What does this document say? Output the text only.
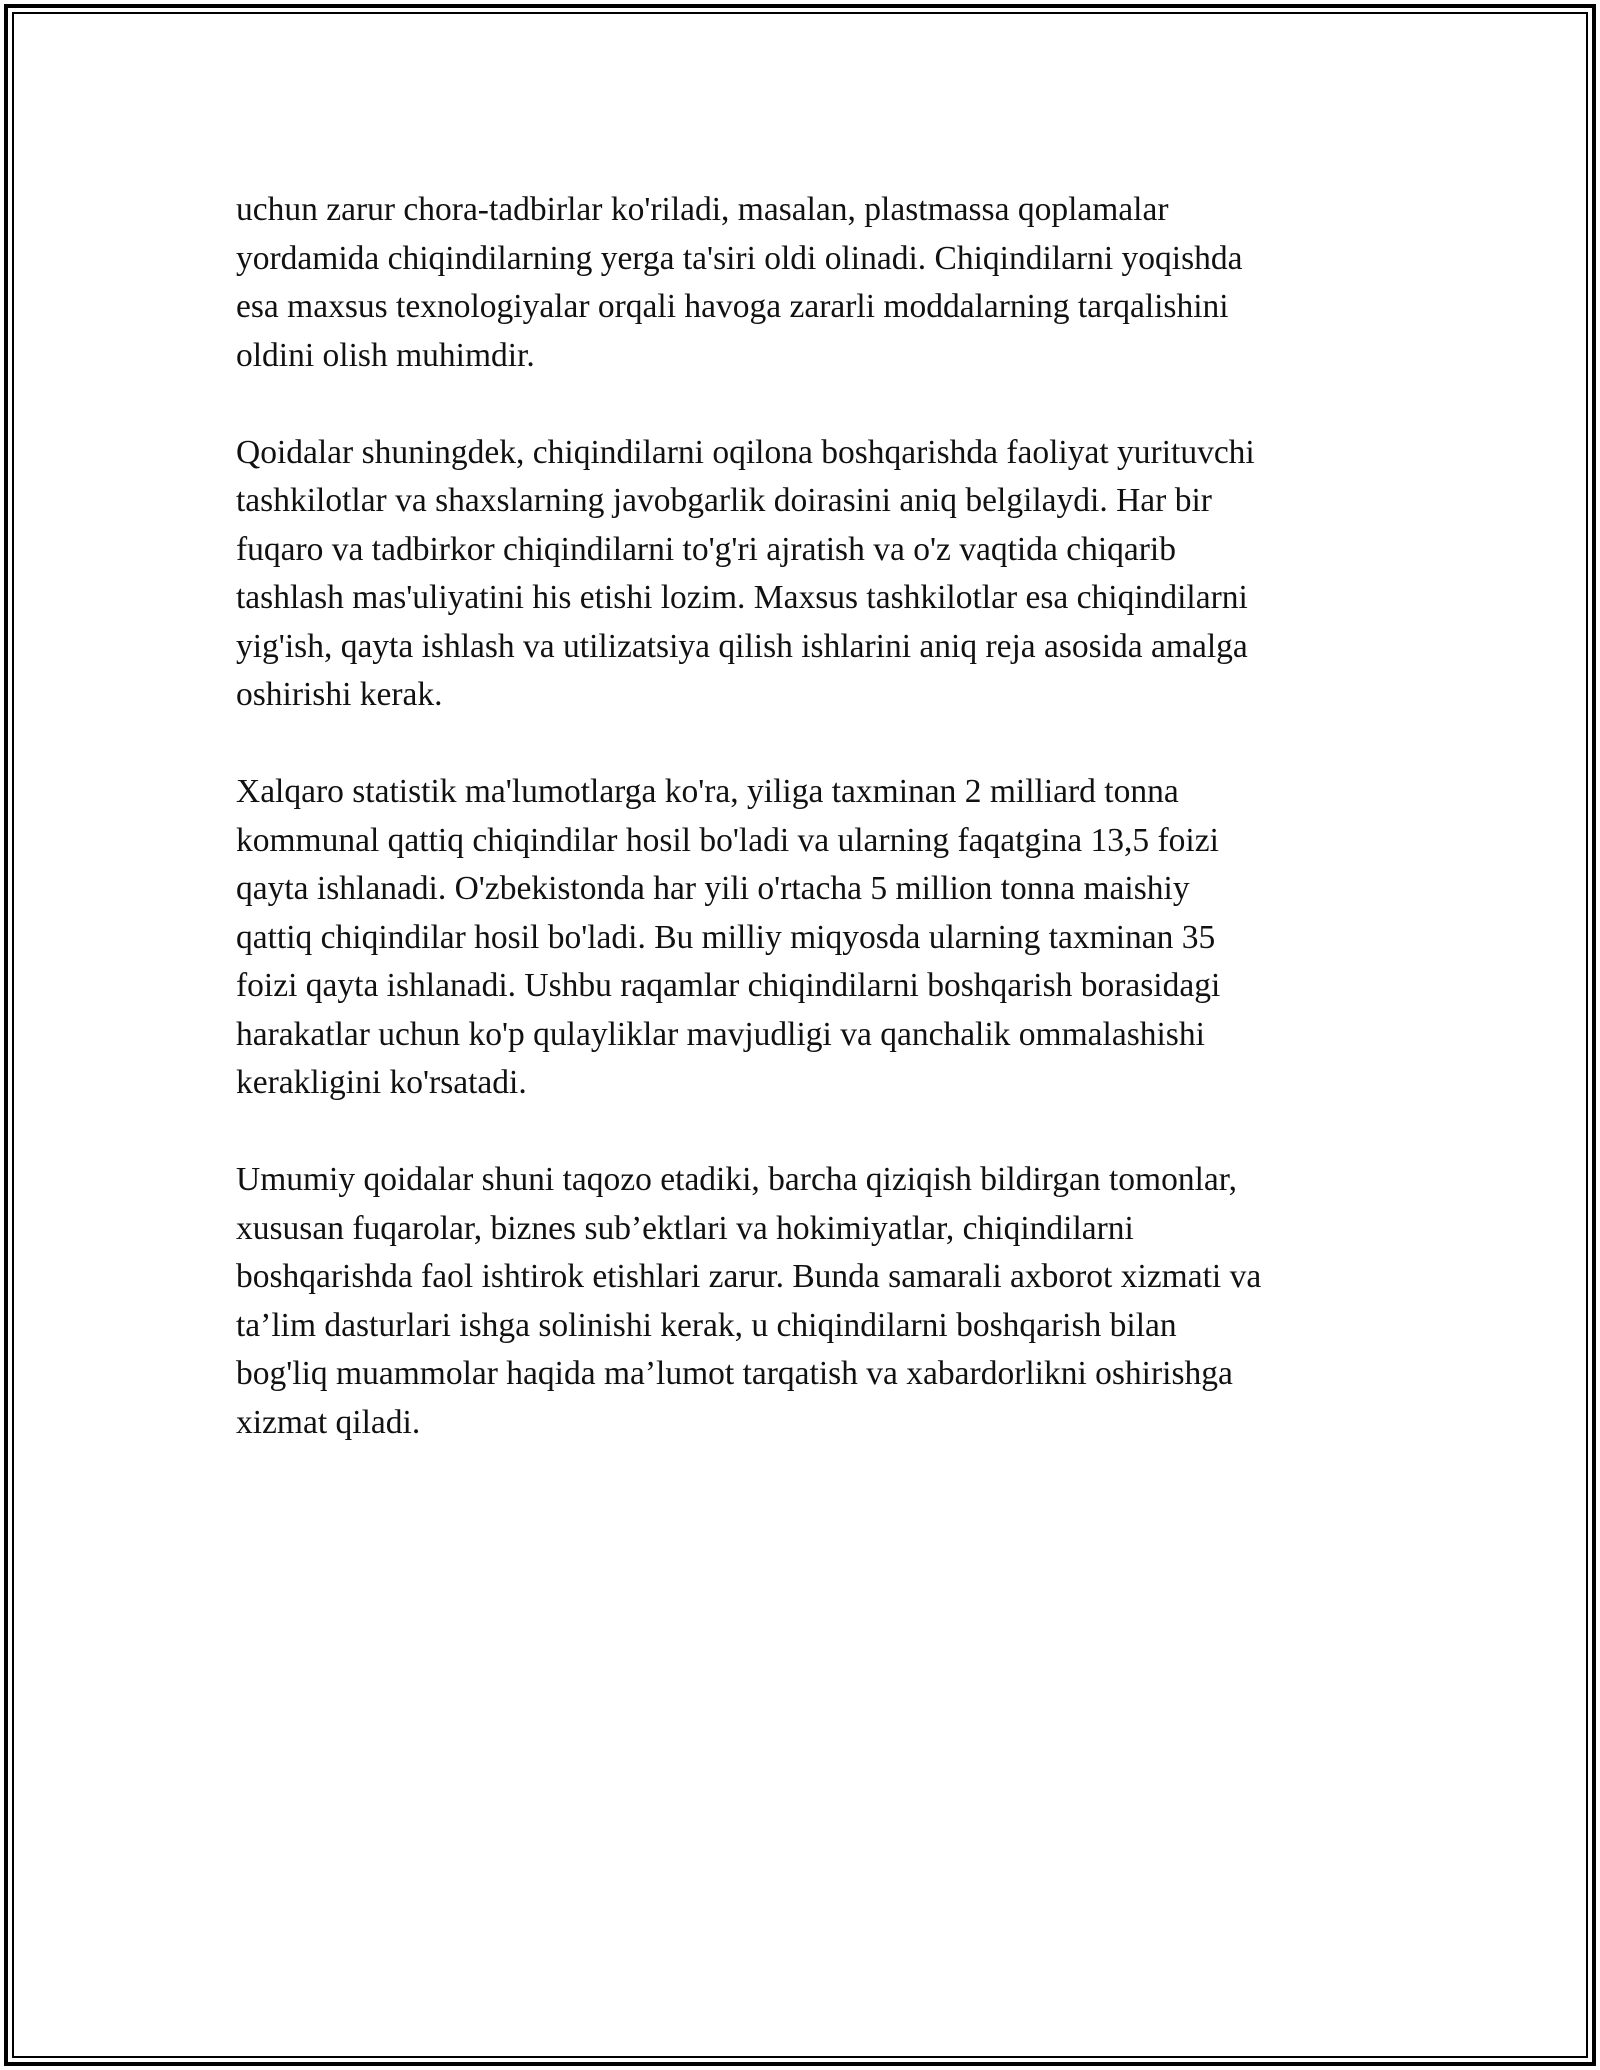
uchun zarur chora-tadbirlar ko'riladi, masalan, plastmassa qoplamalar
yordamida chiqindilarning yerga ta'siri oldi olinadi. Chiqindilarni yoqishda
esa maxsus texnologiyalar orqali havoga zararli moddalarning tarqalishini
oldini olish muhimdir.

Qoidalar shuningdek, chiqindilarni oqilona boshqarishda faoliyat yurituvchi
tashkilotlar va shaxslarning javobgarlik doirasini aniq belgilaydi. Har bir
fuqaro va tadbirkor chiqindilarni to'g'ri ajratish va o'z vaqtida chiqarib
tashlash mas'uliyatini his etishi lozim. Maxsus tashkilotlar esa chiqindilarni
yig'ish, qayta ishlash va utilizatsiya qilish ishlarini aniq reja asosida amalga
oshirishi kerak.

Xalqaro statistik ma'lumotlarga ko'ra, yiliga taxminan 2 milliard tonna
kommunal qattiq chiqindilar hosil bo'ladi va ularning faqatgina 13,5 foizi
qayta ishlanadi. O'zbekistonda har yili o'rtacha 5 million tonna maishiy
qattiq chiqindilar hosil bo'ladi. Bu milliy miqyosda ularning taxminan 35
foizi qayta ishlanadi. Ushbu raqamlar chiqindilarni boshqarish borasidagi
harakatlar uchun ko'p qulayliklar mavjudligi va qanchalik ommalashishi
kerakligini ko'rsatadi.

Umumiy qoidalar shuni taqozo etadiki, barcha qiziqish bildirgan tomonlar,
xususan fuqarolar, biznes sub’ektlari va hokimiyatlar, chiqindilarni
boshqarishda faol ishtirok etishlari zarur. Bunda samarali axborot xizmati va
ta’lim dasturlari ishga solinishi kerak, u chiqindilarni boshqarish bilan
bog'liq muammolar haqida ma’lumot tarqatish va xabardorlikni oshirishga
xizmat qiladi.
